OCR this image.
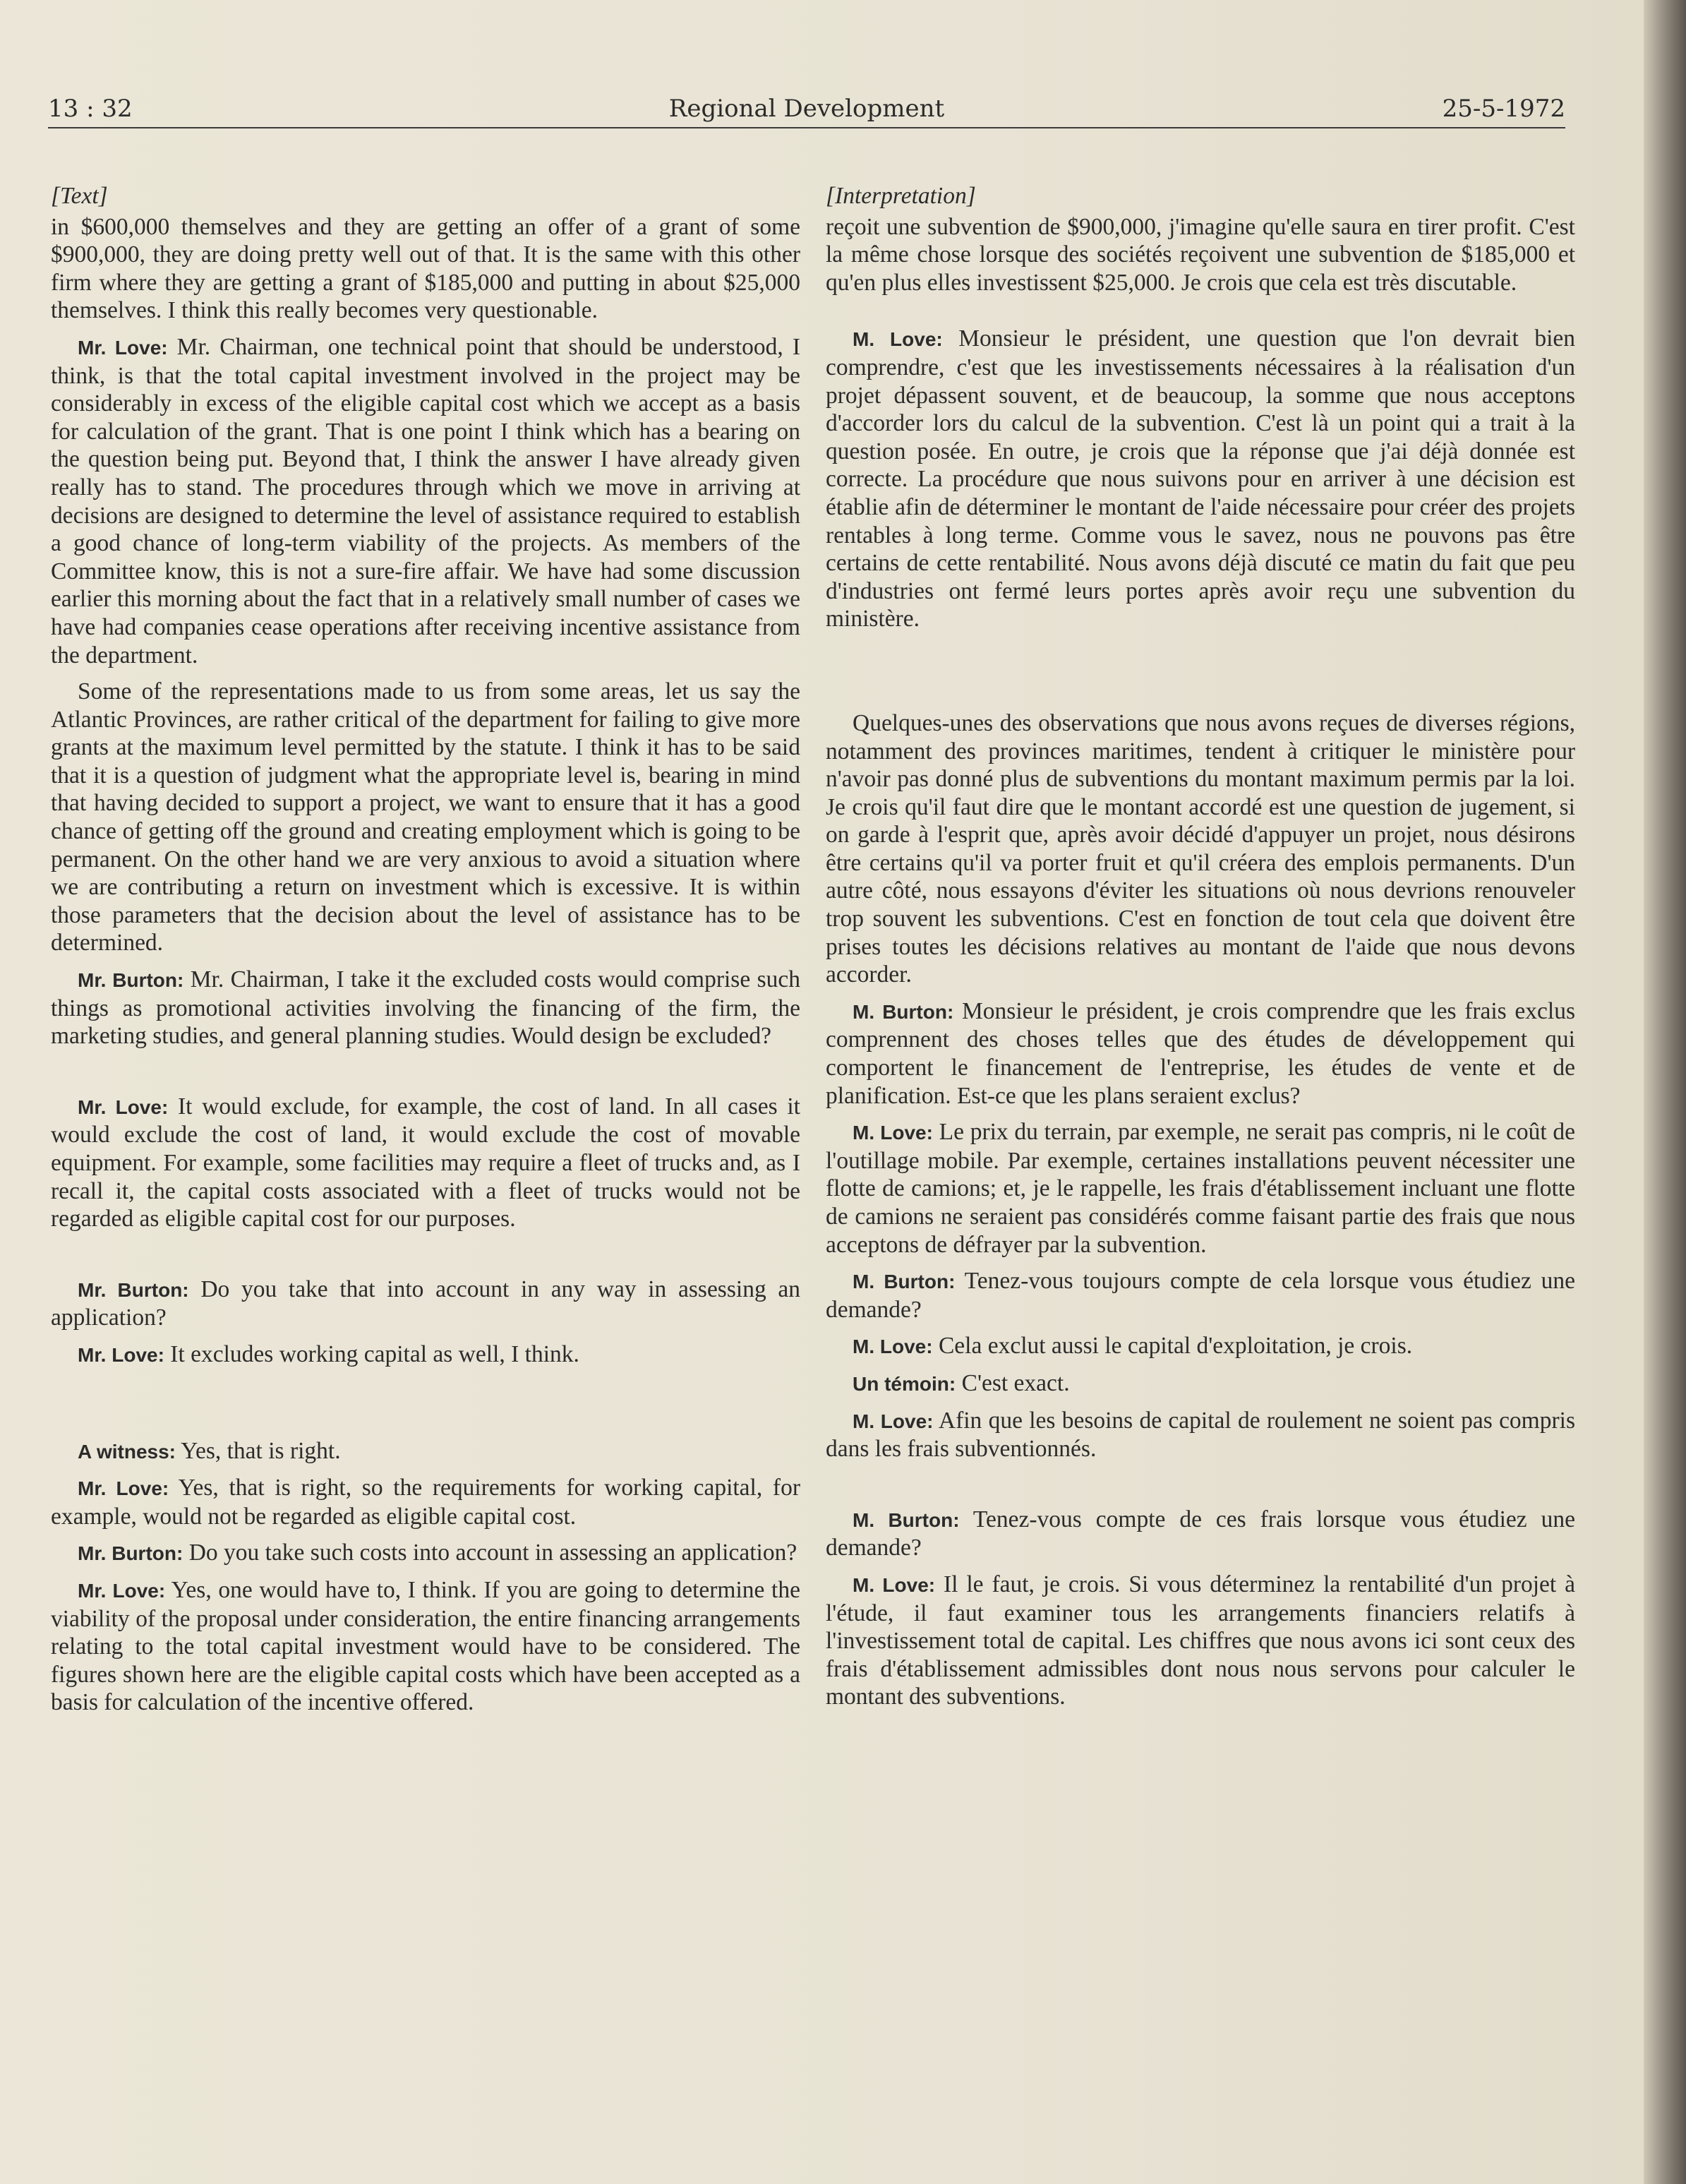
13 : 32	Regional Development	25-5-1972
[Text]

in $600,000 themselves and they are getting an offer of a grant of some $900,000, they are doing pretty well out of that. It is the same with this other firm where they are getting a grant of $185,000 and putting in about $25,000 themselves. I think this really becomes very questionable.

Mr. Love: Mr. Chairman, one technical point that should be understood, I think, is that the total capital investment involved in the project may be considerably in excess of the eligible capital cost which we accept as a basis for calculation of the grant. That is one point I think which has a bearing on the question being put. Beyond that, I think the answer I have already given really has to stand. The procedures through which we move in arriving at decisions are designed to determine the level of assistance required to establish a good chance of long-term viability of the projects. As members of the Committee know, this is not a sure-fire affair. We have had some discussion earlier this morning about the fact that in a relatively small number of cases we have had companies cease operations after receiving incentive assistance from the department.

Some of the representations made to us from some areas, let us say the Atlantic Provinces, are rather critical of the department for failing to give more grants at the maximum level permitted by the statute. I think it has to be said that it is a question of judgment what the appropriate level is, bearing in mind that having decided to support a project, we want to ensure that it has a good chance of getting off the ground and creating employment which is going to be permanent. On the other hand we are very anxious to avoid a situation where we are contributing a return on investment which is excessive. It is within those parameters that the decision about the level of assistance has to be determined.

Mr. Burton: Mr. Chairman, I take it the excluded costs would comprise such things as promotional activities involving the financing of the firm, the marketing studies, and general planning studies. Would design be excluded?

Mr. Love: It would exclude, for example, the cost of land. In all cases it would exclude the cost of land, it would exclude the cost of movable equipment. For example, some facilities may require a fleet of trucks and, as I recall it, the capital costs associated with a fleet of trucks would not be regarded as eligible capital cost for our purposes.

Mr. Burton: Do you take that into account in any way in assessing an application?

Mr. Love: It excludes working capital as well, I think.

A witness: Yes, that is right.

Mr. Love: Yes, that is right, so the requirements for working capital, for example, would not be regarded as eligible capital cost.

Mr. Burton: Do you take such costs into account in assessing an application?

Mr. Love: Yes, one would have to, I think. If you are going to determine the viability of the proposal under consideration, the entire financing arrangements relating to the total capital investment would have to be considered. The figures shown here are the eligible capital costs which have been accepted as a basis for calculation of the incentive offered.

[Interpretation]

reçoit une subvention de $900,000, j'imagine qu'elle saura en tirer profit. C'est la même chose lorsque des sociétés reçoivent une subvention de $185,000 et qu'en plus elles investissent $25,000. Je crois que cela est très discutable.

M. Love: Monsieur le président, une question que l'on devrait bien comprendre, c'est que les investissements nécessaires à la réalisation d'un projet dépassent souvent, et de beaucoup, la somme que nous acceptons d'accorder lors du calcul de la subvention. C'est là un point qui a trait à la question posée. En outre, je crois que la réponse que j'ai déjà donnée est correcte. La procédure que nous suivons pour en arriver à une décision est établie afin de déterminer le montant de l'aide nécessaire pour créer des projets rentables à long terme. Comme vous le savez, nous ne pouvons pas être certains de cette rentabilité. Nous avons déjà discuté ce matin du fait que peu d'industries ont fermé leurs portes après avoir reçu une subvention du ministère.

Quelques-unes des observations que nous avons reçues de diverses régions, notamment des provinces maritimes, tendent à critiquer le ministère pour n'avoir pas donné plus de subventions du montant maximum permis par la loi. Je crois qu'il faut dire que le montant accordé est une question de jugement, si on garde à l'esprit que, après avoir décidé d'appuyer un projet, nous désirons être certains qu'il va porter fruit et qu'il créera des emplois permanents. D'un autre côté, nous essayons d'éviter les situations où nous devrions renouveler trop souvent les subventions. C'est en fonction de tout cela que doivent être prises toutes les décisions relatives au montant de l'aide que nous devons accorder.

M. Burton: Monsieur le président, je crois comprendre que les frais exclus comprennent des choses telles que des études de développement qui comportent le financement de l'entreprise, les études de vente et de planification. Est-ce que les plans seraient exclus?

M. Love: Le prix du terrain, par exemple, ne serait pas compris, ni le coût de l'outillage mobile. Par exemple, certaines installations peuvent nécessiter une flotte de camions; et, je le rappelle, les frais d'établissement incluant une flotte de camions ne seraient pas considérés comme faisant partie des frais que nous acceptons de défrayer par la subvention.

M. Burton: Tenez-vous toujours compte de cela lorsque vous étudiez une demande?

M. Love: Cela exclut aussi le capital d'exploitation, je crois.

Un témoin: C'est exact.

M. Love: Afin que les besoins de capital de roulement ne soient pas compris dans les frais subventionnés.

M. Burton: Tenez-vous compte de ces frais lorsque vous étudiez une demande?

M. Love: Il le faut, je crois. Si vous déterminez la rentabilité d'un projet à l'étude, il faut examiner tous les arrangements financiers relatifs à l'investissement total de capital. Les chiffres que nous avons ici sont ceux des frais d'établissement admissibles dont nous nous servons pour calculer le montant des subventions.
